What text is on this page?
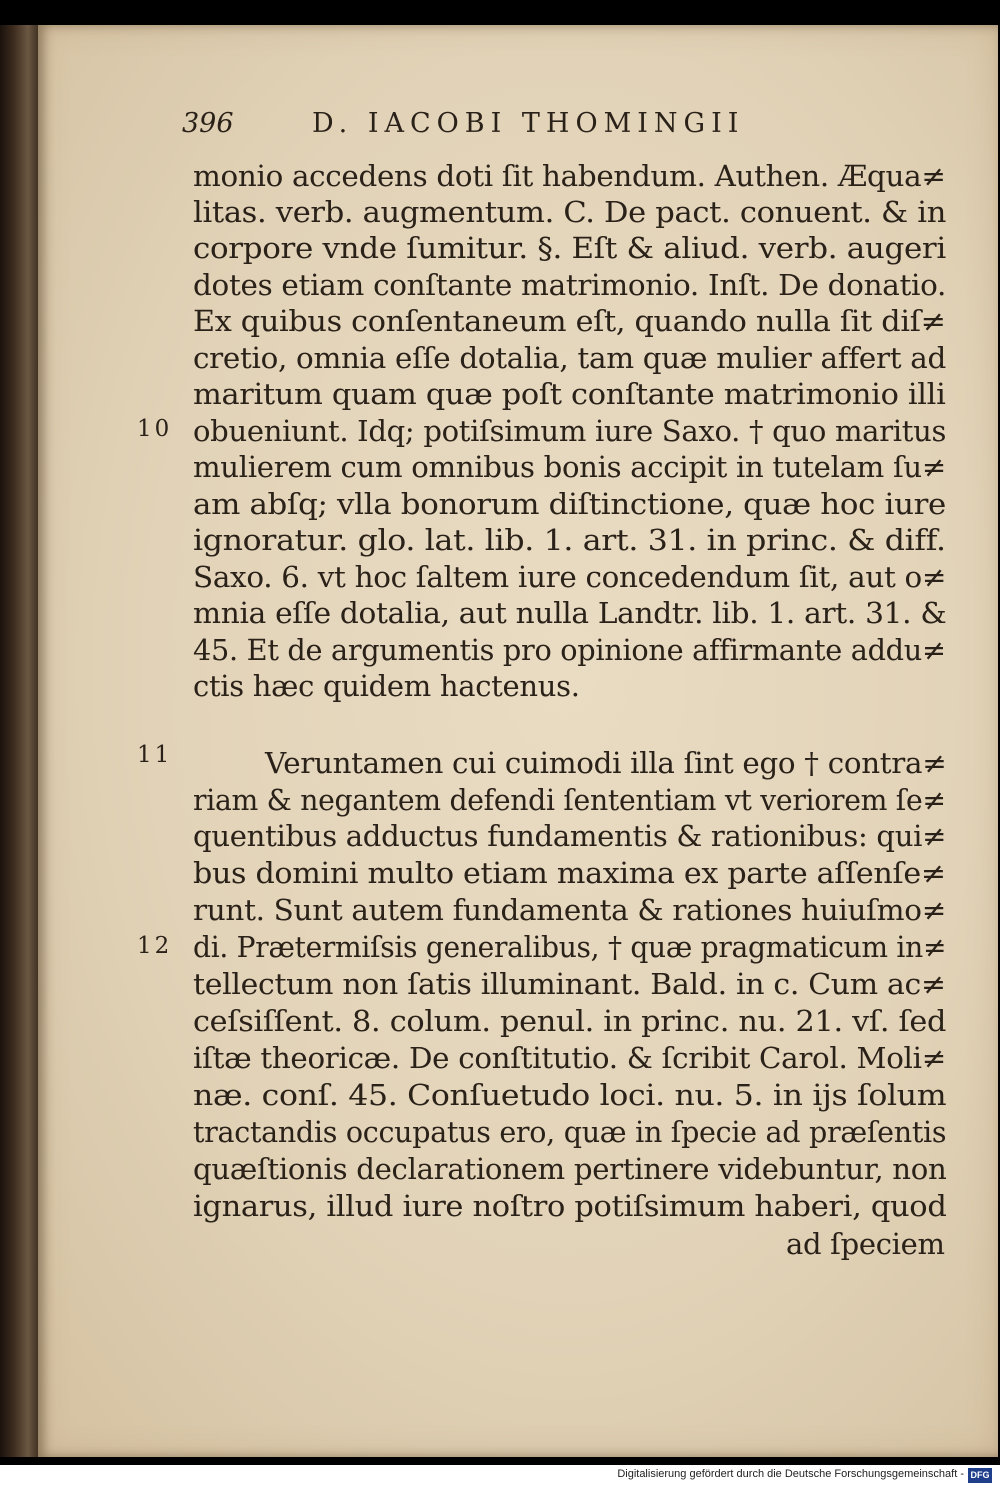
396	D. IACOBI THOMINGII
monio accedens doti ſit habendum. Authen. Æqua≠
litas. verb. augmentum. C. De pact. conuent. & in
corpore vnde ſumitur. §. Eſt & aliud. verb. augeri
dotes etiam conſtante matrimonio. Inſt. De donatio.
Ex quibus conſentaneum eſt, quando nulla ſit diſ≠
cretio, omnia eſſe dotalia, tam quæ mulier affert ad
maritum quam quæ poſt conſtante matrimonio illi
10 obueniunt. Idq; potiſsimum iure Saxo. † quo maritus
mulierem cum omnibus bonis accipit in tutelam ſu≠
am abſq; vlla bonorum diſtinctione, quæ hoc iure
ignoratur. glo. lat. lib. 1. art. 31. in princ. & diff.
Saxo. 6. vt hoc ſaltem iure concedendum ſit, aut o≠
mnia eſſe dotalia, aut nulla Landtr. lib. 1. art. 31. &
45. Et de argumentis pro opinione affirmante addu≠
ctis hæc quidem hactenus.
11	Veruntamen cui cuimodi illa ſint ego † contra≠
riam & negantem defendi ſententiam vt veriorem ſe≠
quentibus adductus fundamentis & rationibus: qui≠
bus domini multo etiam maxima ex parte aſſenſe≠
runt. Sunt autem fundamenta & rationes huiuſmo≠
12 di. Prætermiſsis generalibus, † quæ pragmaticum in≠
tellectum non ſatis illuminant. Bald. in c. Cum ac≠
ceſsiſſent. 8. colum. penul. in princ. nu. 21. vſ. ſed
iſtæ theoricæ. De conſtitutio. & ſcribit Carol. Moli≠
næ. conſ. 45. Conſuetudo loci. nu. 5. in ijs ſolum
tractandis occupatus ero, quæ in ſpecie ad præſentis
quæſtionis declarationem pertinere videbuntur, non
ignarus, illud iure noſtro potiſsimum haberi, quod
ad ſpeciem
Digitalisierung gefördert durch die Deutsche Forschungsgemeinschaft - DFG
